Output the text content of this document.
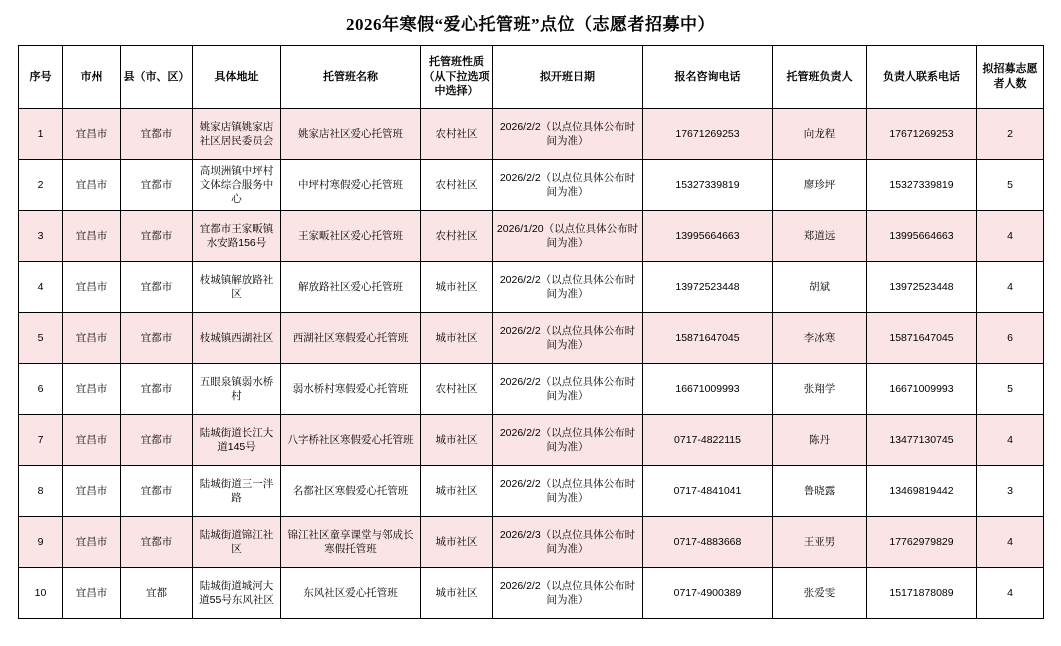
2026年寒假“爱心托管班”点位（志愿者招募中）
序号	市州	县（市、区）	具体地址	托管班名称	托管班性质（从下拉选项中选择）	拟开班日期	报名咨询电话	托管班负责人	负责人联系电话	拟招募志愿者人数
1	宜昌市	宜都市	姚家店镇姚家店社区居民委员会	姚家店社区爱心托管班	农村社区	2026/2/2（以点位具体公布时间为准）	17671269253	向龙程	17671269253	2
2	宜昌市	宜都市	高坝洲镇中坪村文体综合服务中心	中坪村寒假爱心托管班	农村社区	2026/2/2（以点位具体公布时间为准）	15327339819	廖珍坪	15327339819	5
3	宜昌市	宜都市	宜都市王家畈镇水安路156号	王家畈社区爱心托管班	农村社区	2026/1/20（以点位具体公布时间为准）	13995664663	郑道远	13995664663	4
4	宜昌市	宜都市	枝城镇解放路社区	解放路社区爱心托管班	城市社区	2026/2/2（以点位具体公布时间为准）	13972523448	胡斌	13972523448	4
5	宜昌市	宜都市	枝城镇西湖社区	西湖社区寒假爱心托管班	城市社区	2026/2/2（以点位具体公布时间为准）	15871647045	李冰寒	15871647045	6
6	宜昌市	宜都市	五眼泉镇弱水桥村	弱水桥村寒假爱心托管班	农村社区	2026/2/2（以点位具体公布时间为准）	16671009993	张翔学	16671009993	5
7	宜昌市	宜都市	陆城街道长江大道145号	八字桥社区寒假爱心托管班	城市社区	2026/2/2（以点位具体公布时间为准）	0717-4822115	陈丹	13477130745	4
8	宜昌市	宜都市	陆城街道三一泮路	名都社区寒假爱心托管班	城市社区	2026/2/2（以点位具体公布时间为准）	0717-4841041	鲁晓露	13469819442	3
9	宜昌市	宜都市	陆城街道锦江社区	锦江社区童享课堂与邻成长寒假托管班	城市社区	2026/2/3（以点位具体公布时间为准）	0717-4883668	王亚男	17762979829	4
10	宜昌市	宜都	陆城街道城河大道55号东风社区	东风社区爱心托管班	城市社区	2026/2/2（以点位具体公布时间为准）	0717-4900389	张爱雯	15171878089	4
